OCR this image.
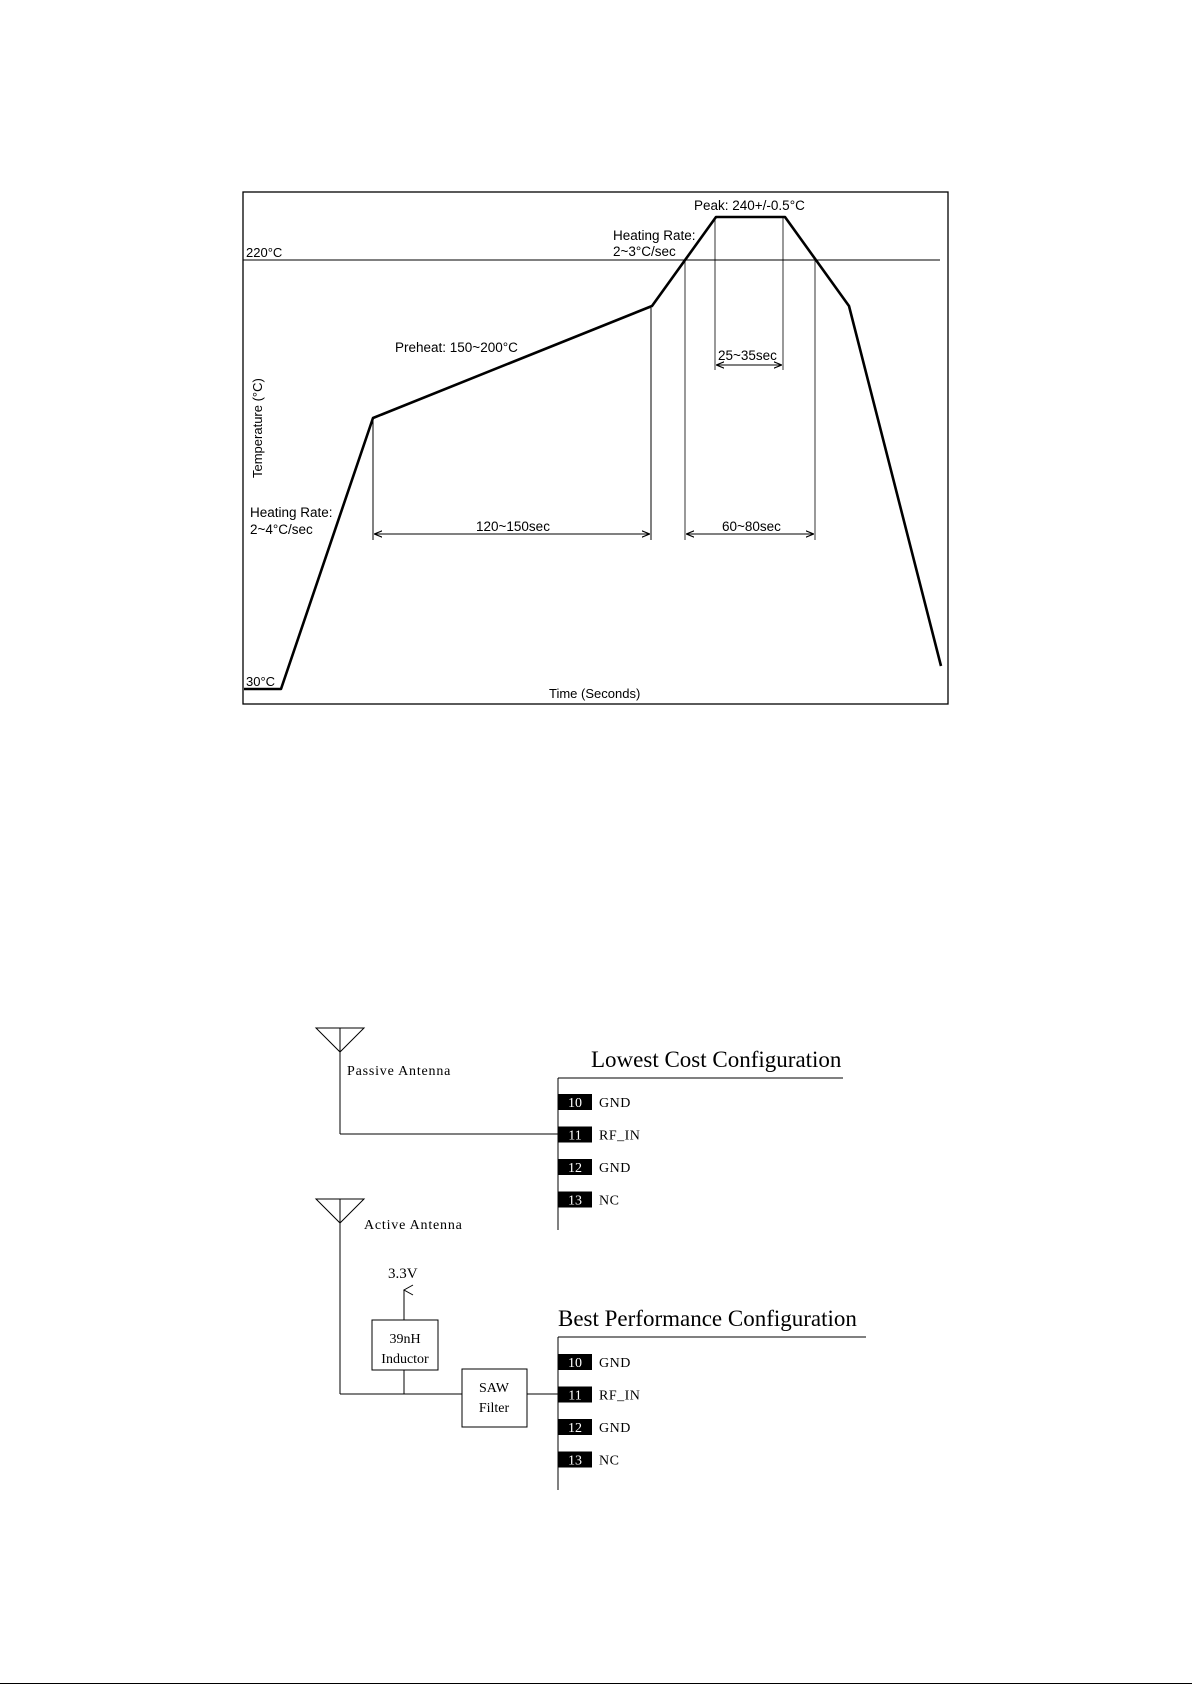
220°C
30°C
Temperature (°C)
Time (Seconds)
Heating Rate:
2~4°C/sec
Heating Rate:
2~3°C/sec
Preheat: 150~200°C
Peak: 240+/-0.5°C
120~150sec	60~80sec
25~35sec
Passive Antenna	Lowest Cost Configuration
10 GND
11 RF_IN
12 GND
13 NC
Active Antenna
3.3V
39nH
Inductor
SAW
Filter
Best Performance Configuration
10 GND
11 RF_IN
12 GND
13 NC
